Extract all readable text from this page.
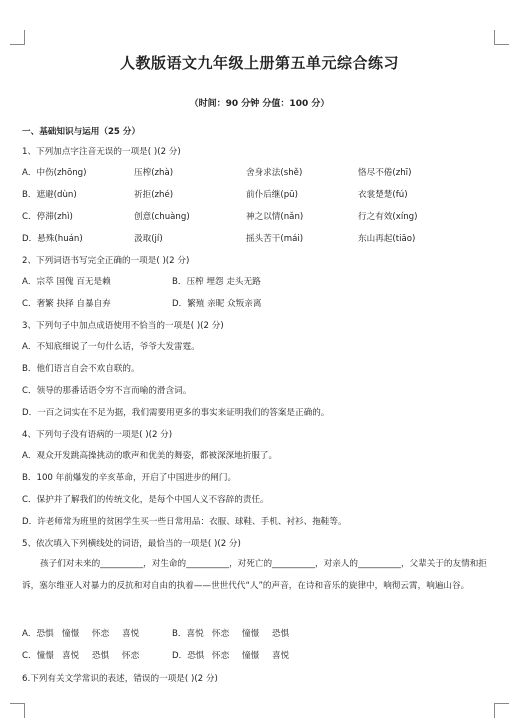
人教版语文九年级上册第五单元综合练习
（时间：90 分钟 分值：100 分）
一、基础知识与运用（25 分）
1、下列加点字注音无误的一项是( )(2 分)
A．中伤(zhōng)	压榨(zhà)	舍身求法(shě)	恪尽不倦(zhī)
B．遮避(dùn)	祈拒(zhé)	前仆后继(pū)	衣裳楚楚(fú)
C．停滞(zhì)	创意(chuàng)	神之以情(nǎn)	行之有效(xíng)
D．悬殊(huán)	汲取(jí)	摇头苦干(mái)	东山再起(tiāo)
2、下列词语书写完全正确的一项是( )(2 分)
A．宗萃 国傀 百无是赖	B．压榨 埋怨 走头无路
C．奢繁 抉择 自暴自弃	D．繁殖 亲昵 众叛亲离
3、下列句子中加点成语使用不恰当的一项是( )(2 分)
A．不知底细说了一句什么话，爷爷大发雷霆。
B．他们语言自会不欢自联的。
C．领导的那番话语令穷不言而喻的滑含词。
D．一百之词实在不足为据，我们需要用更多的事实来证明我们的答案是正确的。
4、下列句子没有语病的一项是( )(2 分)
A．观众开发跳高操挑动的歌声和优美的舞姿，都被深深地折服了。
B．100 年前爆发的辛亥革命，开启了中国进步的闸门。
C．保护并了解我们的传统文化，是每个中国人义不容辞的责任。
D．许老师常为班里的贫困学生买一些日常用品：衣服、球鞋、手机、衬衫、拖鞋等。
5、依次填入下列横线处的词语，最恰当的一项是( )(2 分)
孩子们对未来的__________，对生命的__________，对死亡的__________，对亲人的__________，父辈关于的友情和拒诉，塞尔维亚人对暴力的反抗和对自由的执着——世世代代“人”的声音，在诗和音乐的旋律中，响彻云霄，响遍山谷。
A．恐惧 憧憬 怀恋 喜悦	B．喜悦 怀恋 憧憬 恐惧
C．憧憬 喜悦 恐惧 怀恋	D．恐惧 怀恋 憧憬 喜悦
6.下列有关文学常识的表述，错误的一项是( )(2 分)
